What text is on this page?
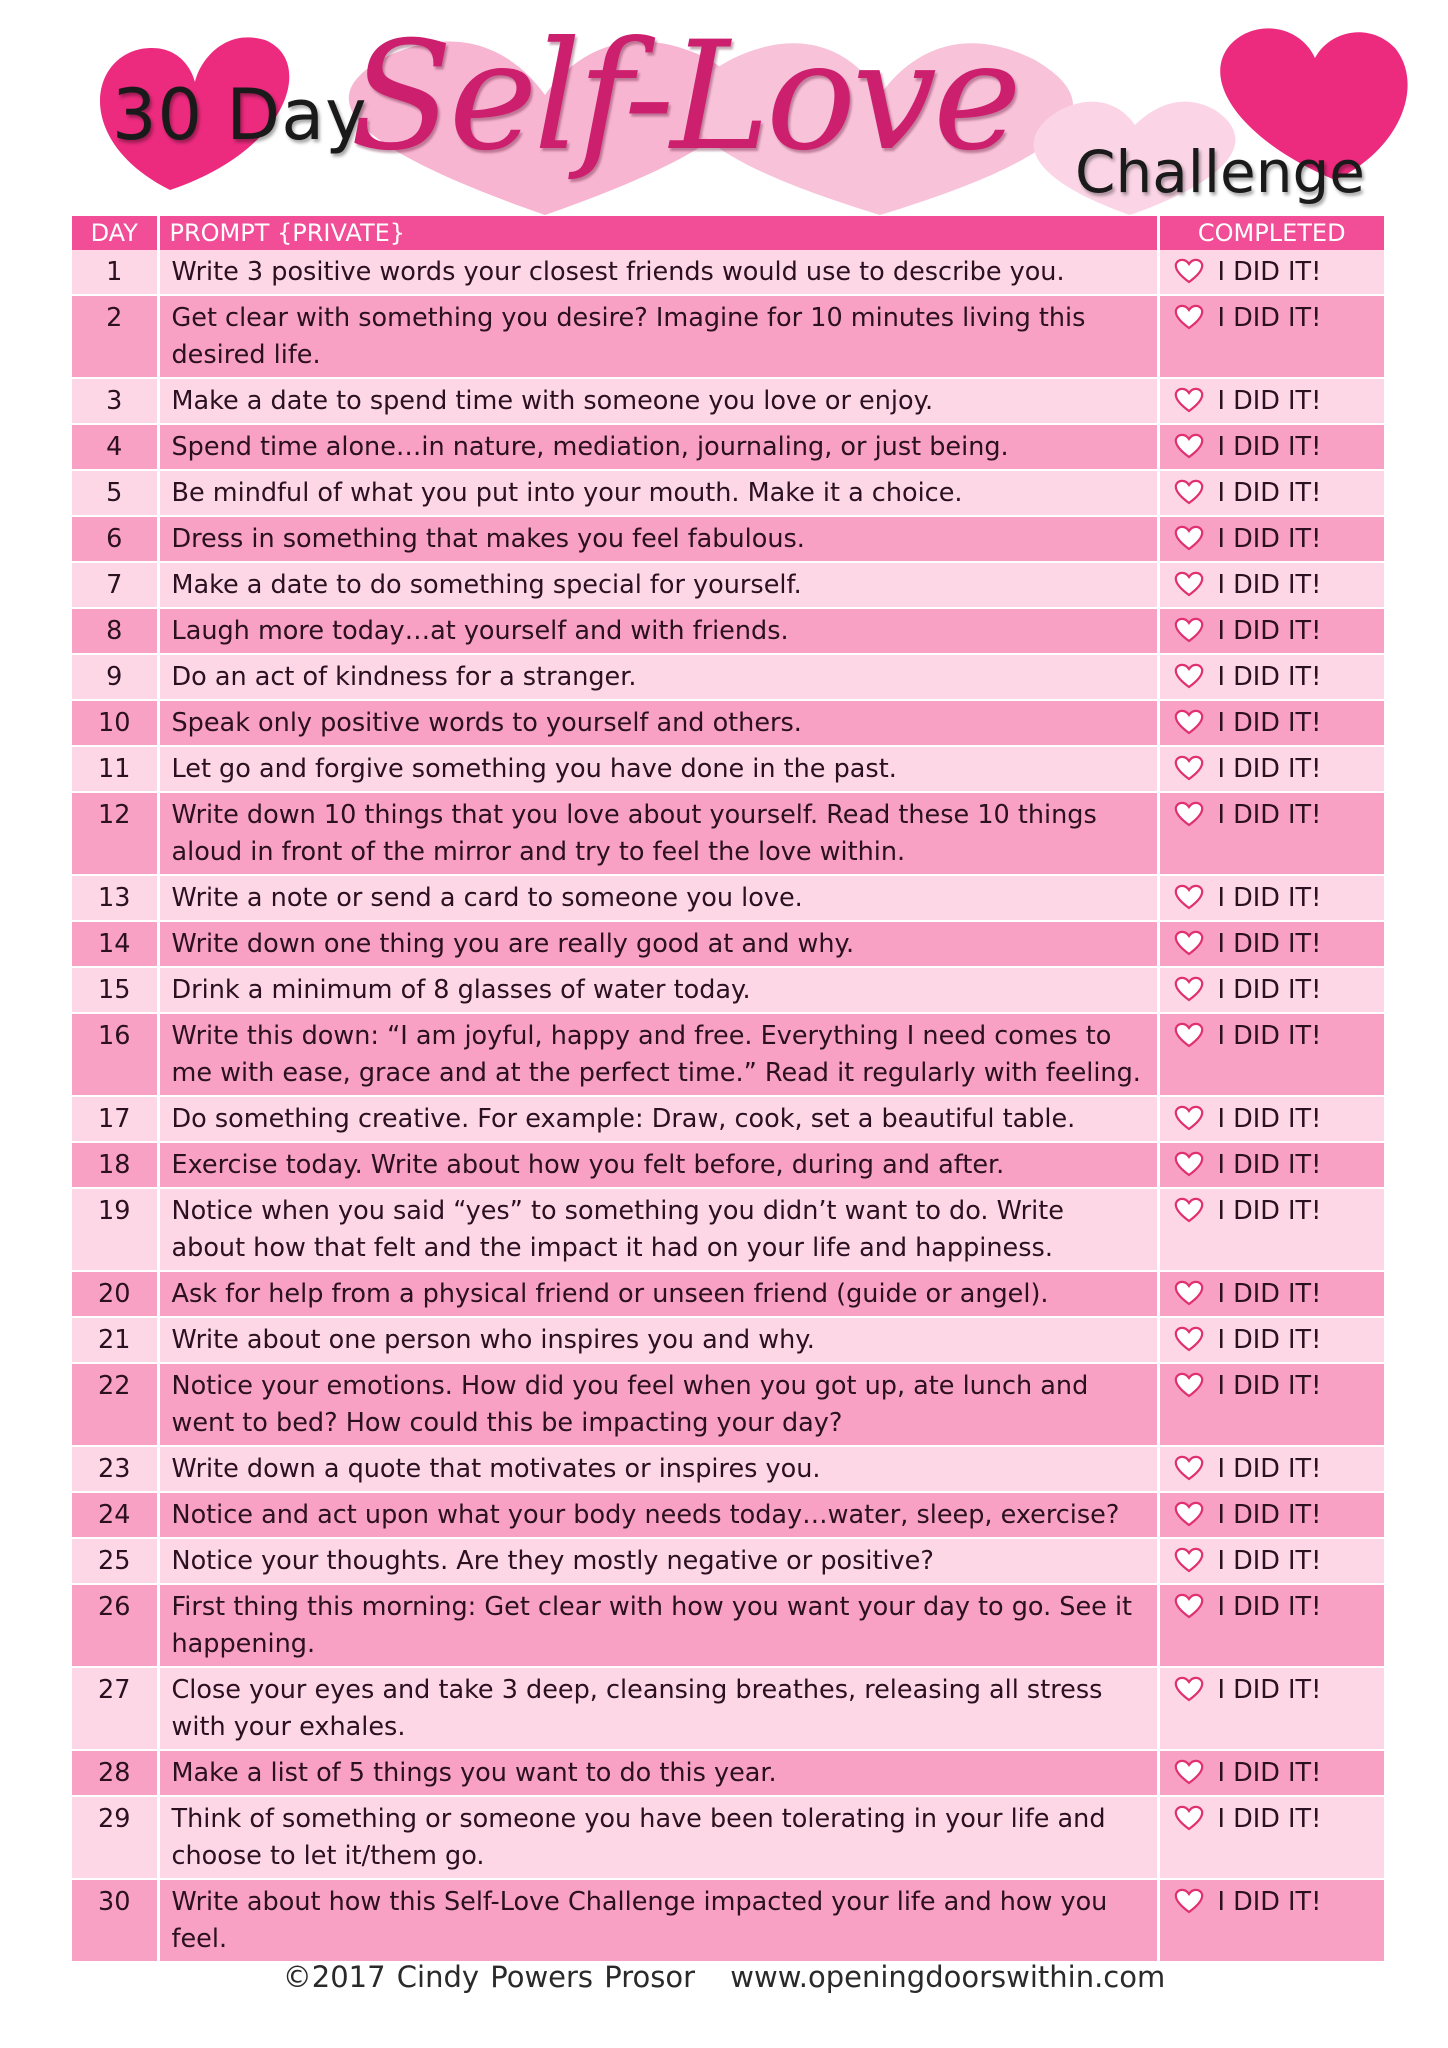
30 Day
Self-Love Challenge
DAY	PROMPT {PRIVATE}	COMPLETED
1	Write 3 positive words your closest friends would use to describe you.	I DID IT!
2	Get clear with something you desire? Imagine for 10 minutes living this desired life.	I DID IT!
3	Make a date to spend time with someone you love or enjoy.	I DID IT!
4	Spend time alone…in nature, mediation, journaling, or just being.	I DID IT!
5	Be mindful of what you put into your mouth. Make it a choice.	I DID IT!
6	Dress in something that makes you feel fabulous.	I DID IT!
7	Make a date to do something special for yourself.	I DID IT!
8	Laugh more today…at yourself and with friends.	I DID IT!
9	Do an act of kindness for a stranger.	I DID IT!
10	Speak only positive words to yourself and others.	I DID IT!
11	Let go and forgive something you have done in the past.	I DID IT!
12	Write down 10 things that you love about yourself. Read these 10 things aloud in front of the mirror and try to feel the love within.	I DID IT!
13	Write a note or send a card to someone you love.	I DID IT!
14	Write down one thing you are really good at and why.	I DID IT!
15	Drink a minimum of 8 glasses of water today.	I DID IT!
16	Write this down: “I am joyful, happy and free. Everything I need comes to me with ease, grace and at the perfect time.” Read it regularly with feeling.	I DID IT!
17	Do something creative. For example: Draw, cook, set a beautiful table.	I DID IT!
18	Exercise today. Write about how you felt before, during and after.	I DID IT!
19	Notice when you said “yes” to something you didn’t want to do. Write about how that felt and the impact it had on your life and happiness.	I DID IT!
20	Ask for help from a physical friend or unseen friend (guide or angel).	I DID IT!
21	Write about one person who inspires you and why.	I DID IT!
22	Notice your emotions. How did you feel when you got up, ate lunch and went to bed? How could this be impacting your day?	I DID IT!
23	Write down a quote that motivates or inspires you.	I DID IT!
24	Notice and act upon what your body needs today…water, sleep, exercise?	I DID IT!
25	Notice your thoughts. Are they mostly negative or positive?	I DID IT!
26	First thing this morning: Get clear with how you want your day to go. See it happening.	I DID IT!
27	Close your eyes and take 3 deep, cleansing breathes, releasing all stress with your exhales.	I DID IT!
28	Make a list of 5 things you want to do this year.	I DID IT!
29	Think of something or someone you have been tolerating in your life and choose to let it/them go.	I DID IT!
30	Write about how this Self-Love Challenge impacted your life and how you feel.	I DID IT!
©2017 Cindy Powers Prosor www.openingdoorswithin.com
